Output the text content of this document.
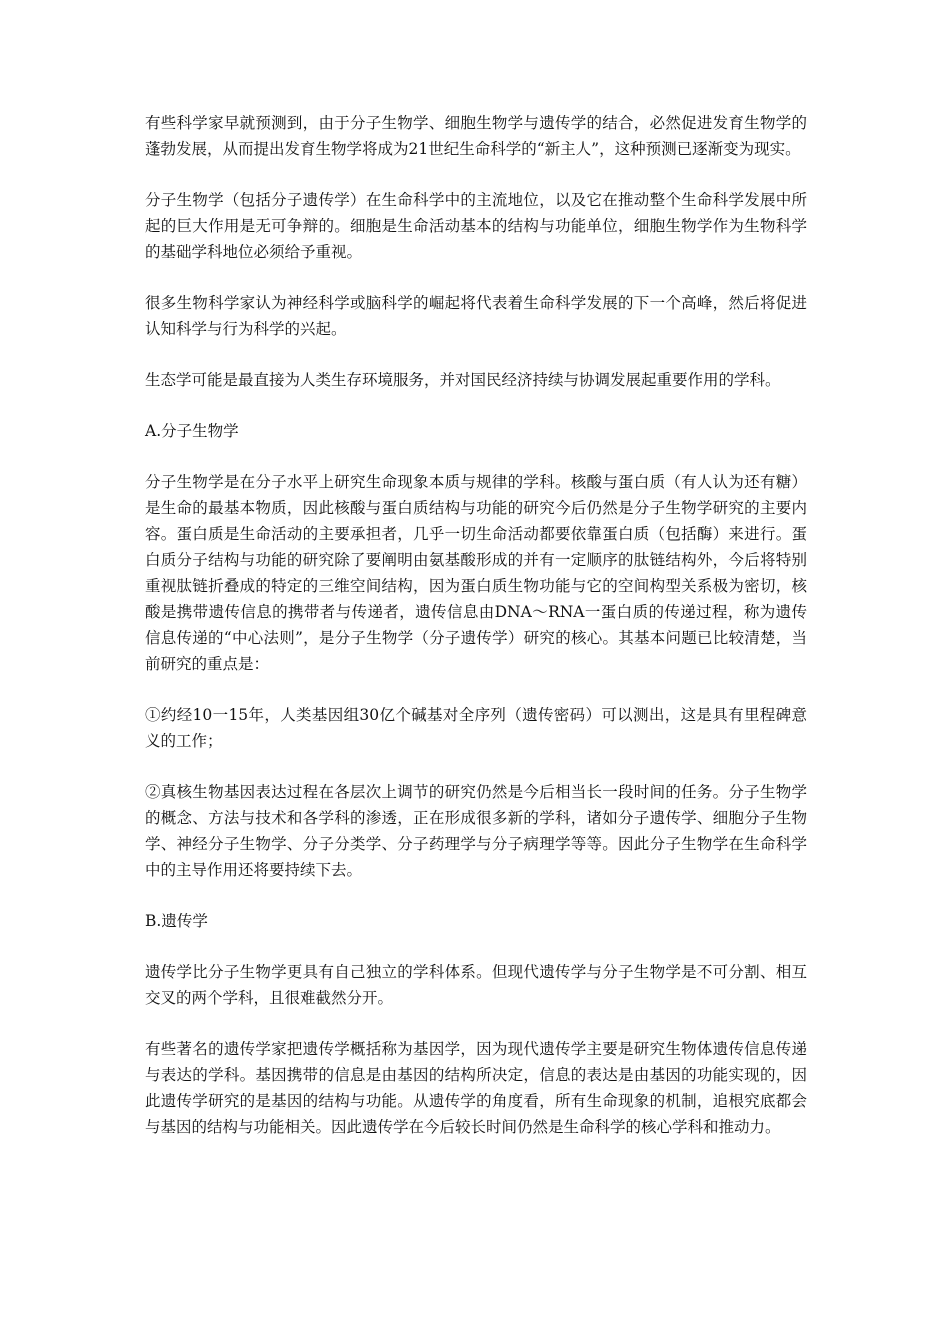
有些科学家早就预测到，由于分子生物学、细胞生物学与遗传学的结合，必然促进发育生物学的蓬勃发展，从而提出发育生物学将成为21世纪生命科学的“新主人”，这种预测已逐渐变为现实。

分子生物学（包括分子遗传学）在生命科学中的主流地位，以及它在推动整个生命科学发展中所起的巨大作用是无可争辩的。细胞是生命活动基本的结构与功能单位，细胞生物学作为生物科学的基础学科地位必须给予重视。

很多生物科学家认为神经科学或脑科学的崛起将代表着生命科学发展的下一个高峰，然后将促进认知科学与行为科学的兴起。

生态学可能是最直接为人类生存环境服务，并对国民经济持续与协调发展起重要作用的学科。

A.分子生物学

分子生物学是在分子水平上研究生命现象本质与规律的学科。核酸与蛋白质（有人认为还有糖）是生命的最基本物质，因此核酸与蛋白质结构与功能的研究今后仍然是分子生物学研究的主要内容。蛋白质是生命活动的主要承担者，几乎一切生命活动都要依靠蛋白质（包括酶）来进行。蛋白质分子结构与功能的研究除了要阐明由氨基酸形成的并有一定顺序的肽链结构外，今后将特别重视肽链折叠成的特定的三维空间结构，因为蛋白质生物功能与它的空间构型关系极为密切，核酸是携带遗传信息的携带者与传递者，遗传信息由DNA～RNA一蛋白质的传递过程，称为遗传信息传递的“中心法则”，是分子生物学（分子遗传学）研究的核心。其基本问题已比较清楚，当前研究的重点是：

①约经10一15年，人类基因组30亿个碱基对全序列（遗传密码）可以测出，这是具有里程碑意义的工作；

②真核生物基因表达过程在各层次上调节的研究仍然是今后相当长一段时间的任务。分子生物学的概念、方法与技术和各学科的渗透，正在形成很多新的学科，诸如分子遗传学、细胞分子生物学、神经分子生物学、分子分类学、分子药理学与分子病理学等等。因此分子生物学在生命科学中的主导作用还将要持续下去。

B.遗传学

遗传学比分子生物学更具有自己独立的学科体系。但现代遗传学与分子生物学是不可分割、相互交叉的两个学科，且很难截然分开。

有些著名的遗传学家把遗传学概括称为基因学，因为现代遗传学主要是研究生物体遗传信息传递与表达的学科。基因携带的信息是由基因的结构所决定，信息的表达是由基因的功能实现的，因此遗传学研究的是基因的结构与功能。从遗传学的角度看，所有生命现象的机制，追根究底都会与基因的结构与功能相关。因此遗传学在今后较长时间仍然是生命科学的核心学科和推动力。
